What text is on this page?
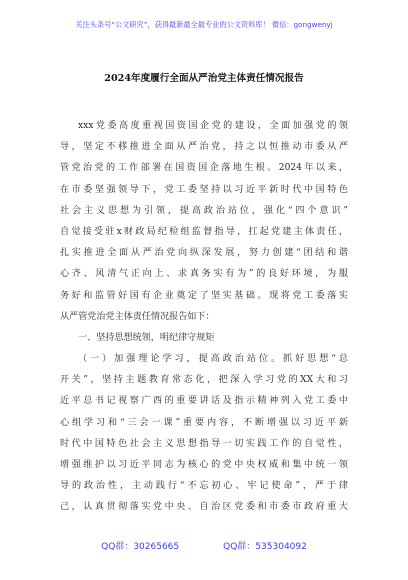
关注头条号“公文研究”，获得最新最全最专业的公文资料库！ 微信：gongwenyj
2024年度履行全面从严治党主体责任情况报告
xxx党委高度重视国资国企党的建设，全面加强党的领
导，坚定不移推进全面从严治党，持之以恒推动市委从严
管党治党的工作部署在国资国企落地生根。2024年以来，
在市委坚强领导下，党工委坚持以习近平新时代中国特色
社会主义思想为引领，提高政治站位，强化“四个意识”
自觉接受驻x财政局纪检组监督指导，扛起党建主体责任，
扎实推进全面从严治党向纵深发展，努力创建“团结和谐
心齐、风清气正向上、求真务实有为”的良好环境，为服
务好和监管好国有企业奠定了坚实基础。现将党工委落实
从严管党治党主体责任情况报告如下：
一、坚持思想统领，明纪律守规矩
（一）加强理论学习，提高政治站位。抓好思想“总
开关”，坚持主题教育常态化，把深入学习党的XX大和习
近平总书记视察广西的重要讲话及指示精神列入党工委中
心组学习和“三会一课”重要内容，不断增强以习近平新
时代中国特色社会主义思想指导一切实践工作的自觉性，
增强维护以习近平同志为核心的党中央权威和集中统一领
导的政治性，主动践行“不忘初心、牢记使命”，严于律
己，认真贯彻落实党中央、自治区党委和市委市政府重大
QQ群：30265665	QQ群：535304092
